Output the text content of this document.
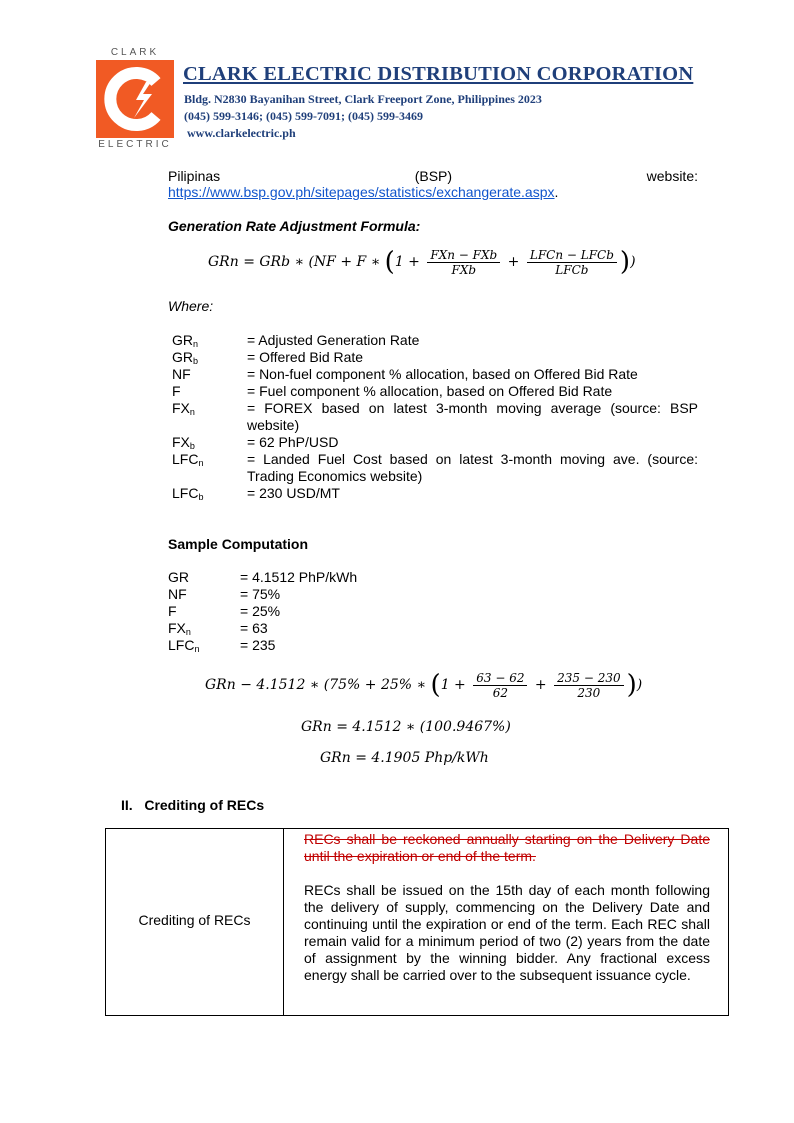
CLARK
ELECTRIC
CLARK ELECTRIC DISTRIBUTION CORPORATION
Bldg. N2830 Bayanihan Street, Clark Freeport Zone, Philippines 2023
(045) 599-3146; (045) 599-7091; (045) 599-3469
www.clarkelectric.ph
Pilipinas	(BSP)	website:
https://www.bsp.gov.ph/sitepages/statistics/exchangerate.aspx.
Generation Rate Adjustment Formula:
GRn = GRb ∗ (NF + F ∗ ($1 + \frac{\text{FXn − FXb}}{\text{FXb}} + \frac{\text{LFCn − LFCb}}{\text{LFCb}}$ ))
Where:
$GR_n$	= Adjusted Generation Rate
$GR_b$	= Offered Bid Rate
NF	= Non-fuel component % allocation, based on Offered Bid Rate
F	= Fuel component % allocation, based on Offered Bid Rate
$FX_n$	= FOREX based on latest 3-month moving average (source: BSP website)
$FX_b$	= 62 PhP/USD
$LFC_n$	= Landed Fuel Cost based on latest 3-month moving ave. (source: Trading Economics website)
$LFC_b$	= 230 USD/MT
Sample Computation
GR	= 4.1512 PhP/kWh
NF	= 75%
F	= 25%
$FX_n$	= 63
$LFC_n$	= 235
GRn − 4.1512 ∗ (75% + 25% ∗ ($1 + \frac{63 - 62}{62} + \frac{235 - 230}{230}$ ))
GRn = 4.1512 ∗ (100.9467%)
GRn = 4.1905 Php/kWh
II.   Crediting of RECs
Crediting of RECs
RECs shall be reckoned annually starting on the Delivery Date until the expiration or end of the term.
RECs shall be issued on the 15th day of each month following the delivery of supply, commencing on the Delivery Date and continuing until the expiration or end of the term. Each REC shall remain valid for a minimum period of two (2) years from the date of assignment by the winning bidder. Any fractional excess energy shall be carried over to the subsequent issuance cycle.
